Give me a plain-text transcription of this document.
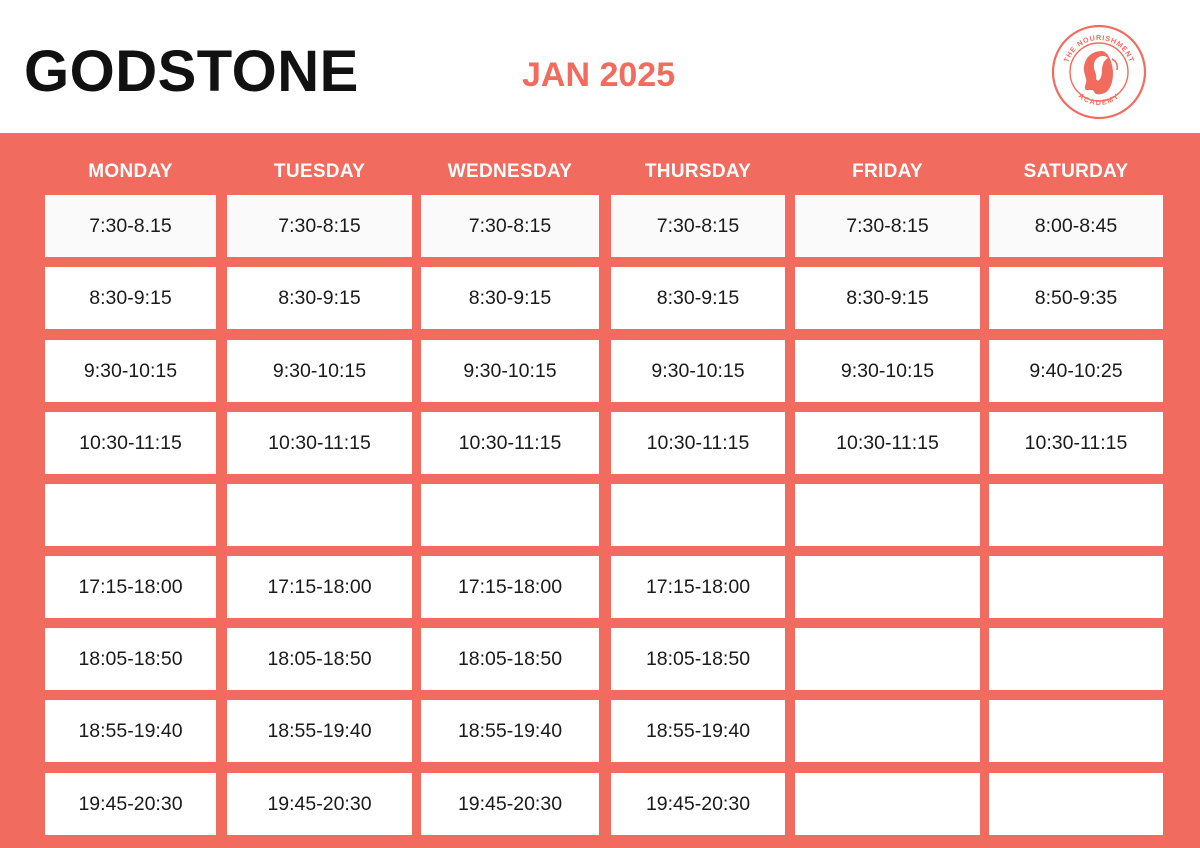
GODSTONE	JAN 2025	THE NOURISHMENT
ACADEMY
MONDAY	TUESDAY	WEDNESDAY	THURSDAY	FRIDAY	SATURDAY
7:30-8.15	7:30-8:15	7:30-8:15	7:30-8:15	7:30-8:15	8:00-8:45
8:30-9:15	8:30-9:15	8:30-9:15	8:30-9:15	8:30-9:15	8:50-9:35
9:30-10:15	9:30-10:15	9:30-10:15	9:30-10:15	9:30-10:15	9:40-10:25
10:30-11:15	10:30-11:15	10:30-11:15	10:30-11:15	10:30-11:15	10:30-11:15
17:15-18:00	17:15-18:00	17:15-18:00	17:15-18:00
18:05-18:50	18:05-18:50	18:05-18:50	18:05-18:50
18:55-19:40	18:55-19:40	18:55-19:40	18:55-19:40
19:45-20:30	19:45-20:30	19:45-20:30	19:45-20:30
